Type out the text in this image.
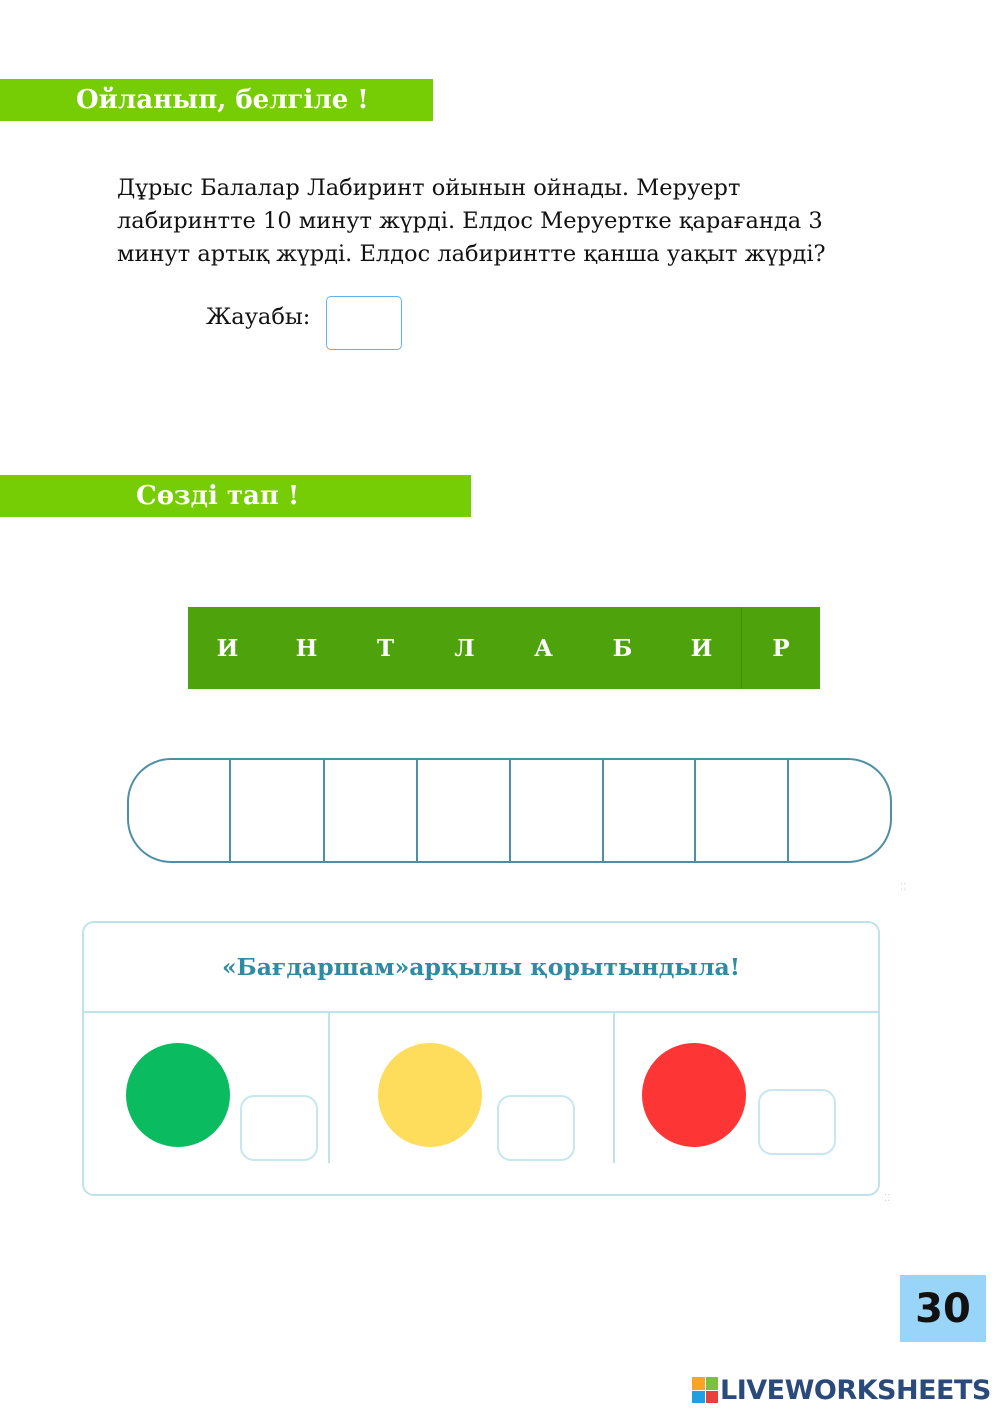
Ойланып, белгіле !

Дұрыс Балалар Лабиринт ойынын ойнады. Меруерт
лабиринтте 10 минут жүрді. Елдос Меруертке қарағанда 3
минут артық жүрді. Елдос лабиринтте қанша уақыт жүрді?

Жауабы:
Сөзді тап !
И	Н	Т	Л	А	Б	И	Р
⁚⁚
«Бағдаршам»арқылы қорытындыла!
⁚⁚
30
LIVEWORKSHEETS
